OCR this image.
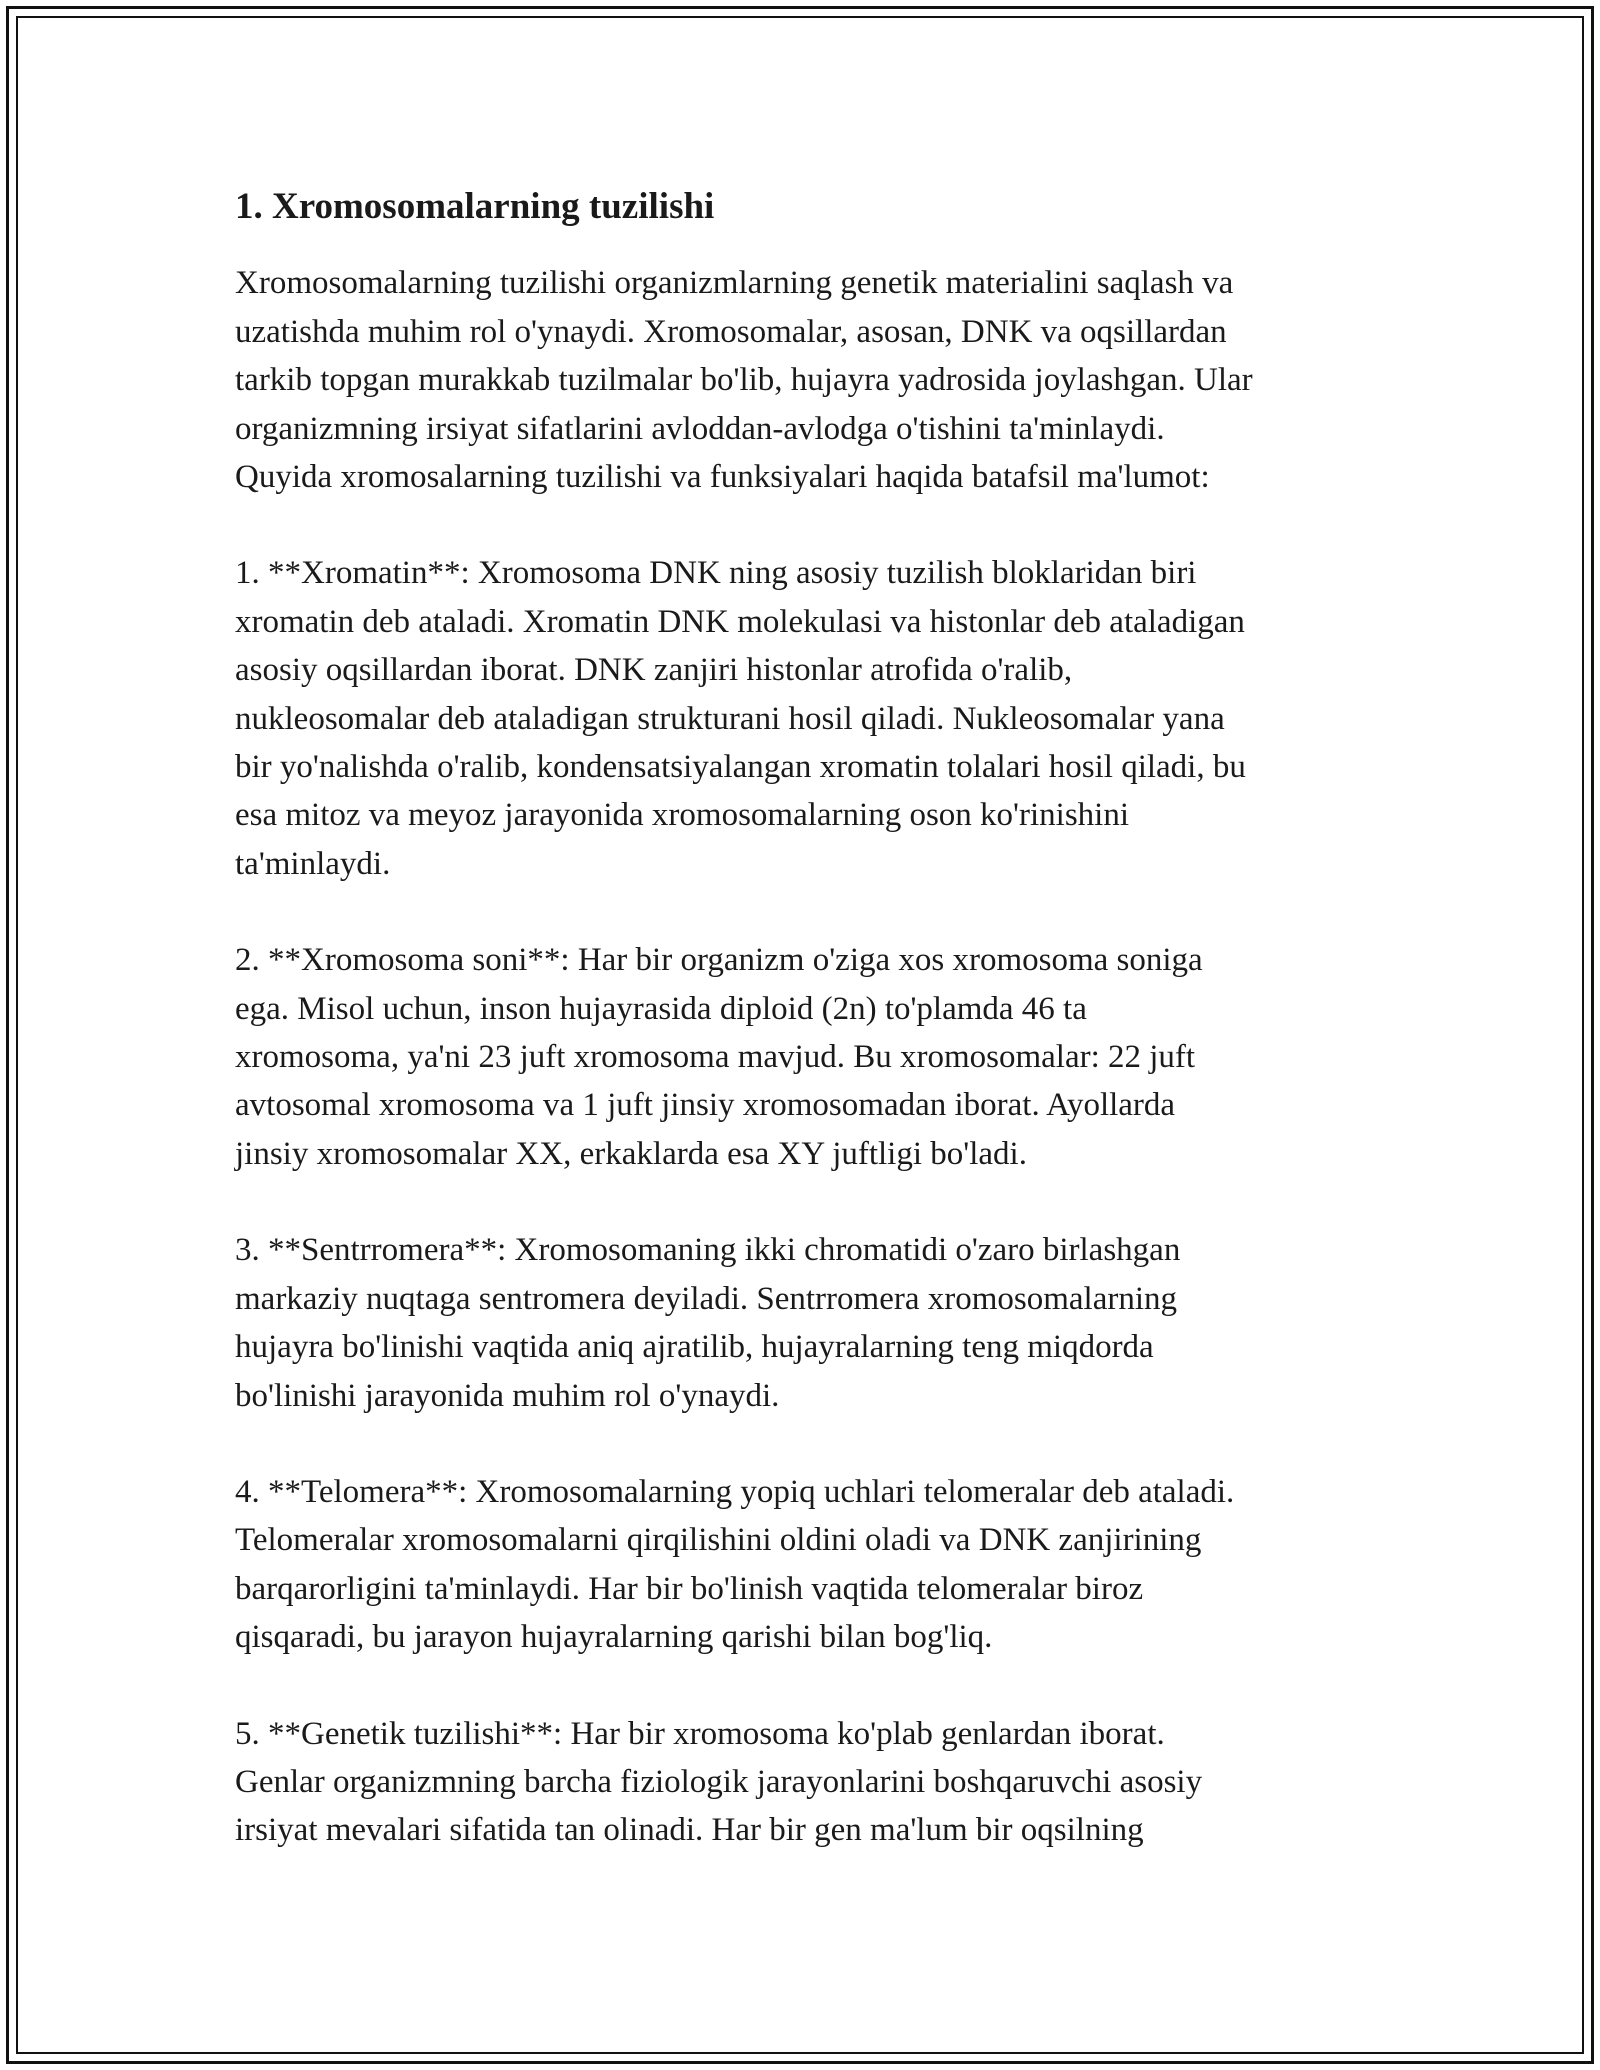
1. Xromosomalarning tuzilishi

Xromosomalarning tuzilishi organizmlarning genetik materialini saqlash va
uzatishda muhim rol o'ynaydi. Xromosomalar, asosan, DNK va oqsillardan
tarkib topgan murakkab tuzilmalar bo'lib, hujayra yadrosida joylashgan. Ular
organizmning irsiyat sifatlarini avloddan-avlodga o'tishini ta'minlaydi.
Quyida xromosalarning tuzilishi va funksiyalari haqida batafsil ma'lumot:

1. **Xromatin**: Xromosoma DNK ning asosiy tuzilish bloklaridan biri
xromatin deb ataladi. Xromatin DNK molekulasi va histonlar deb ataladigan
asosiy oqsillardan iborat. DNK zanjiri histonlar atrofida o'ralib,
nukleosomalar deb ataladigan strukturani hosil qiladi. Nukleosomalar yana
bir yo'nalishda o'ralib, kondensatsiyalangan xromatin tolalari hosil qiladi, bu
esa mitoz va meyoz jarayonida xromosomalarning oson ko'rinishini
ta'minlaydi.

2. **Xromosoma soni**: Har bir organizm o'ziga xos xromosoma soniga
ega. Misol uchun, inson hujayrasida diploid (2n) to'plamda 46 ta
xromosoma, ya'ni 23 juft xromosoma mavjud. Bu xromosomalar: 22 juft
avtosomal xromosoma va 1 juft jinsiy xromosomadan iborat. Ayollarda
jinsiy xromosomalar XX, erkaklarda esa XY juftligi bo'ladi.

3. **Sentrromera**: Xromosomaning ikki chromatidi o'zaro birlashgan
markaziy nuqtaga sentromera deyiladi. Sentrromera xromosomalarning
hujayra bo'linishi vaqtida aniq ajratilib, hujayralarning teng miqdorda
bo'linishi jarayonida muhim rol o'ynaydi.

4. **Telomera**: Xromosomalarning yopiq uchlari telomeralar deb ataladi.
Telomeralar xromosomalarni qirqilishini oldini oladi va DNK zanjirining
barqarorligini ta'minlaydi. Har bir bo'linish vaqtida telomeralar biroz
qisqaradi, bu jarayon hujayralarning qarishi bilan bog'liq.

5. **Genetik tuzilishi**: Har bir xromosoma ko'plab genlardan iborat.
Genlar organizmning barcha fiziologik jarayonlarini boshqaruvchi asosiy
irsiyat mevalari sifatida tan olinadi. Har bir gen ma'lum bir oqsilning
